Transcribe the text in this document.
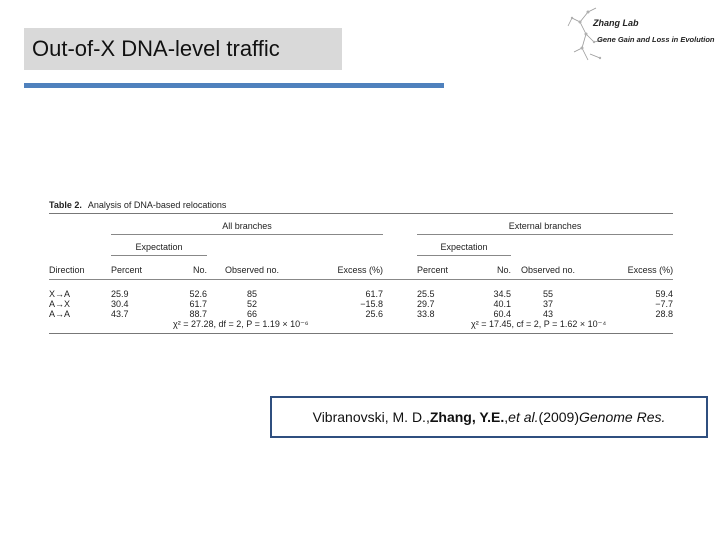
Out-of-X DNA-level traffic
Zhang Lab
Gene Gain and Loss in Evolution
Table 2. Analysis of DNA-based relocations
	All branches					External branches			
	Expectation					Expectation			
Direction	Percent	No.	Observed no.	Excess (%)		Percent	No.	Observed no.	Excess (%)
X→A	25.9	52.6	85	61.7		25.5	34.5	55	59.4
A→X	30.4	61.7	52	−15.8		29.7	40.1	37	−7.7
A→A	43.7	88.7	66	25.6		33.8	60.4	43	28.8
	χ² = 27.28, df = 2, P = 1.19 × 10⁻⁶					χ² = 17.45, cf = 2, P = 1.62 × 10⁻⁴			
Vibranovski, M. D., Zhang, Y.E. , et al. (2009) Genome Res.
